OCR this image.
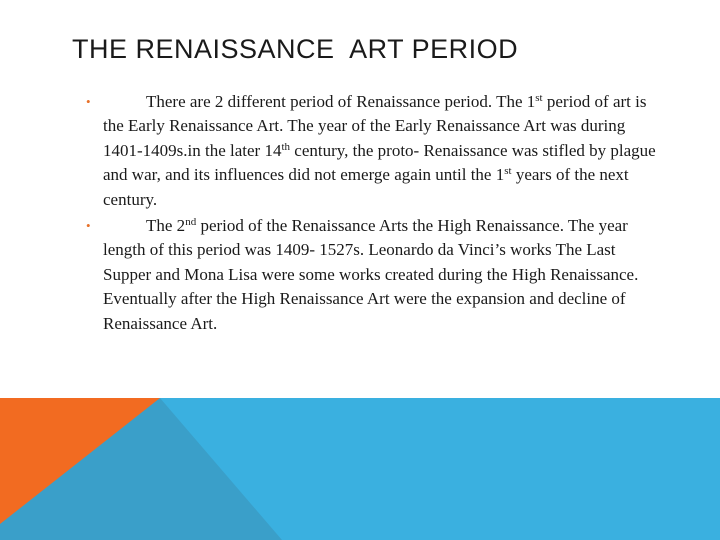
THE RENAISSANCE  ART PERIOD

•	There are 2 different period of Renaissance period. The 1st period of art is the Early Renaissance Art. The year of the Early Renaissance Art was during 1401-1409s.in the later 14th century, the proto- Renaissance was stifled by plague and war, and its influences did not emerge again until the 1st years of the next century.

•	The 2nd period of the Renaissance Arts the High Renaissance. The year length of this period was 1409- 1527s. Leonardo da Vinci’s works The Last Supper and Mona Lisa were some works created during the High Renaissance. Eventually after the High Renaissance Art were the expansion and decline of Renaissance Art.
